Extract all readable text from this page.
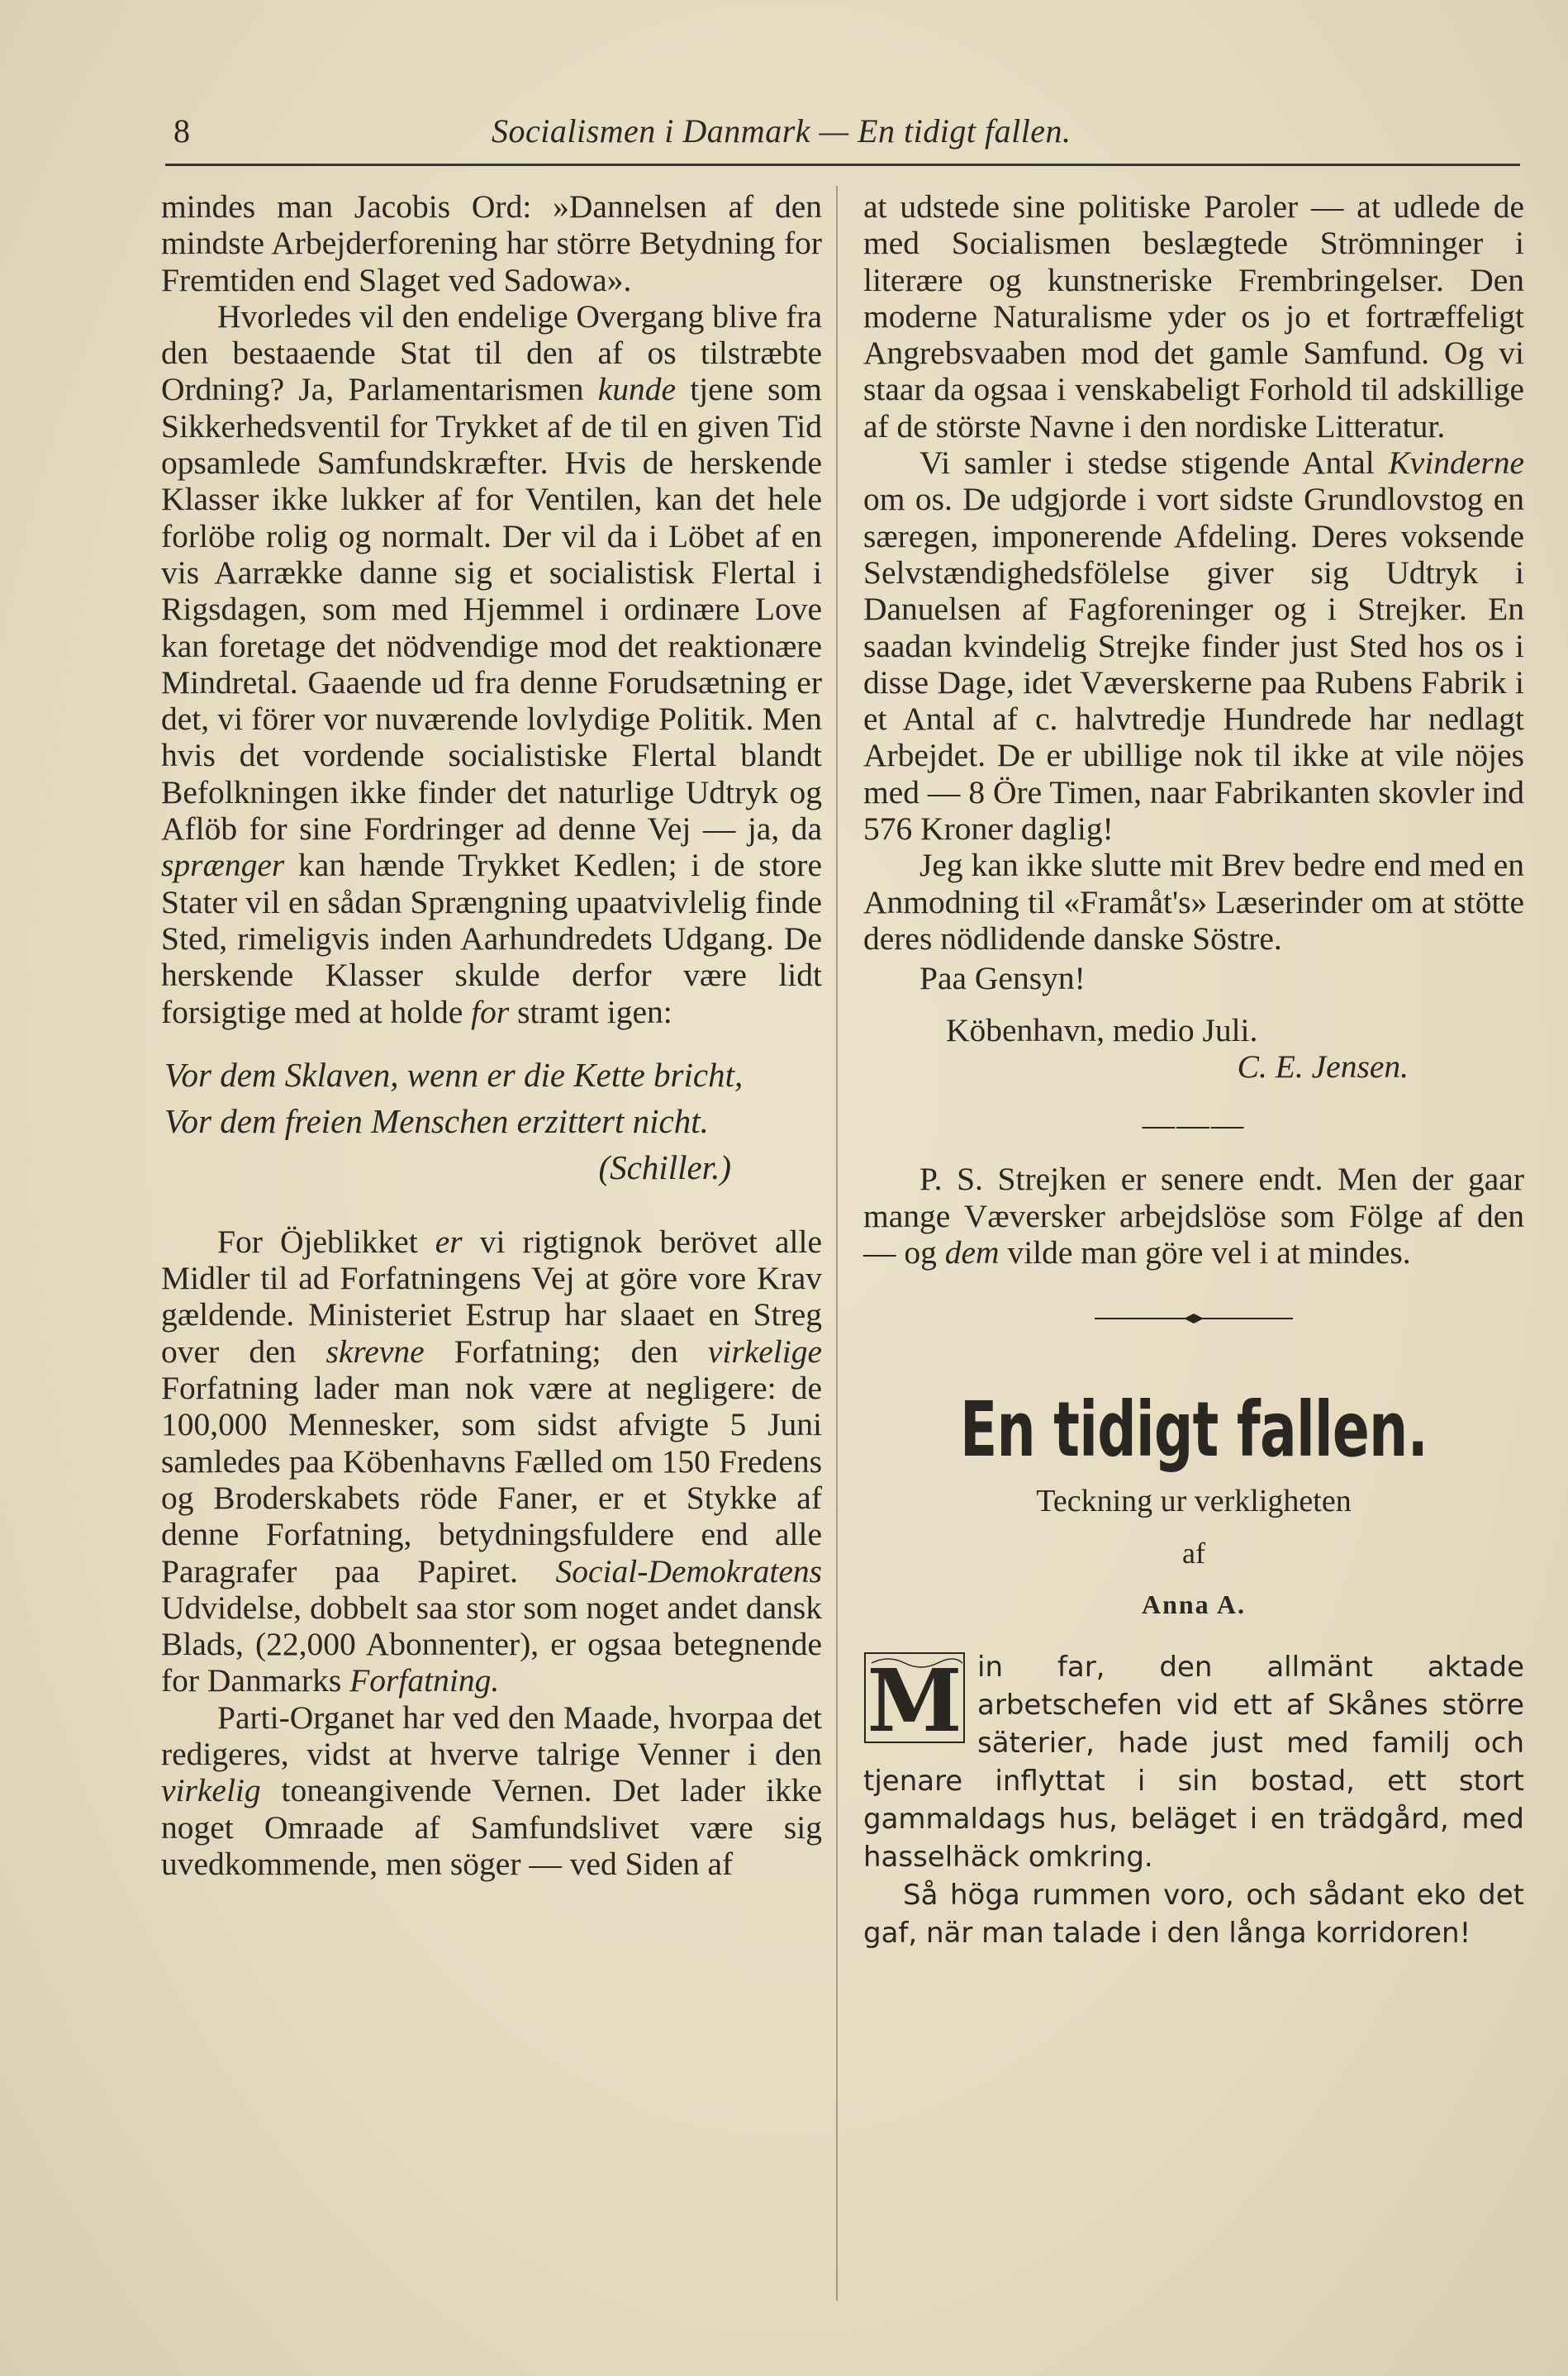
8	Socialismen i Danmark — En tidigt fallen.

mindes man Jacobis Ord: »Dannelsen af den mindste Arbejderforening har större Betydning for Fremtiden end Slaget ved Sadowa».

Hvorledes vil den endelige Overgang blive fra den bestaaende Stat til den af os tilstræbte Ordning? Ja, Parlamentarismen kunde tjene som Sikkerhedsventil for Trykket af de til en given Tid opsamlede Samfundskræfter. Hvis de herskende Klasser ikke lukker af for Ventilen, kan det hele forlöbe rolig og normalt. Der vil da i Löbet af en vis Aarrække danne sig et socialistisk Flertal i Rigsdagen, som med Hjemmel i ordinære Love kan foretage det nödvendige mod det reaktionære Mindretal. Gaaende ud fra denne Forudsætning er det, vi förer vor nuværende lovlydige Politik. Men hvis det vordende socialistiske Flertal blandt Befolkningen ikke finder det naturlige Udtryk og Aflöb for sine Fordringer ad denne Vej — ja, da sprænger kan hænde Trykket Kedlen; i de store Stater vil en sådan Sprængning upaatvivlelig finde Sted, rimeligvis inden Aarhundredets Udgang. De herskende Klasser skulde derfor være lidt forsigtige med at holde for stramt igen:

Vor dem Sklaven, wenn er die Kette bricht,
Vor dem freien Menschen erzittert nicht.
(Schiller.)

For Öjeblikket er vi rigtignok berövet alle Midler til ad Forfatningens Vej at göre vore Krav gældende. Ministeriet Estrup har slaaet en Streg over den skrevne Forfatning; den virkelige Forfatning lader man nok være at negligere: de 100,000 Mennesker, som sidst afvigte 5 Juni samledes paa Köbenhavns Fælled om 150 Fredens og Broderskabets röde Faner, er et Stykke af denne Forfatning, betydningsfuldere end alle Paragrafer paa Papiret. Social-Demokratens Udvidelse, dobbelt saa stor som noget andet dansk Blads, (22,000 Abonnenter), er ogsaa betegnende for Danmarks Forfatning.

Parti-Organet har ved den Maade, hvorpaa det redigeres, vidst at hverve talrige Venner i den virkelig toneangivende Vernen. Det lader ikke noget Omraade af Samfundslivet være sig uvedkommende, men söger — ved Siden af

at udstede sine politiske Paroler — at udlede de med Socialismen beslægtede Strömninger i literære og kunstneriske Frembringelser. Den moderne Naturalisme yder os jo et fortræffeligt Angrebsvaaben mod det gamle Samfund. Og vi staar da ogsaa i venskabeligt Forhold til adskillige af de störste Navne i den nordiske Litteratur.

Vi samler i stedse stigende Antal Kvinderne om os. De udgjorde i vort sidste Grundlovstog en særegen, imponerende Afdeling. Deres voksende Selvstændighedsfölelse giver sig Udtryk i Danuelsen af Fagforeninger og i Strejker. En saadan kvindelig Strejke finder just Sted hos os i disse Dage, idet Væverskerne paa Rubens Fabrik i et Antal af c. halvtredje Hundrede har nedlagt Arbejdet. De er ubillige nok til ikke at vile nöjes med — 8 Öre Timen, naar Fabrikanten skovler ind 576 Kroner daglig!

Jeg kan ikke slutte mit Brev bedre end med en Anmodning til «Framåt's» Læserinder om at stötte deres nödlidende danske Söstre.

Paa Gensyn!
Köbenhavn, medio Juli.
C. E. Jensen.
———

P. S. Strejken er senere endt. Men der gaar mange Væversker arbejdslöse som Fölge af den — og dem vilde man göre vel i at mindes.

En tidigt fallen.
Teckning ur verkligheten
af
Anna A.

M in far, den allmänt aktade arbetschefen vid ett af Skånes större säterier, hade just med familj och tjenare inflyttat i sin bostad, ett stort gammaldags hus, beläget i en trädgård, med hasselhäck omkring.

Så höga rummen voro, och sådant eko det gaf, när man talade i den långa korridoren!
